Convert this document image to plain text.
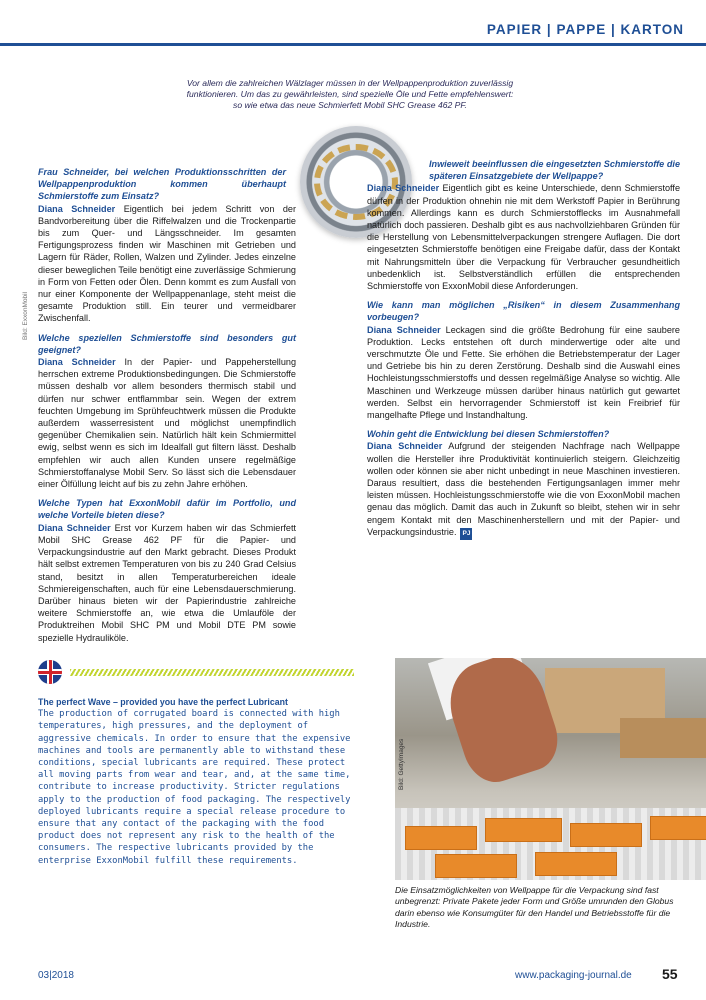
PAPIER | PAPPE | KARTON
Vor allem die zahlreichen Wälzlager müssen in der Wellpappenproduktion zuverlässig
funktionieren. Um das zu gewährleisten, sind spezielle Öle und Fette empfehlenswert:
so wie etwa das neue Schmierfett Mobil SHC Grease 462 PF.
Bild: ExxonMobil
Frau Schneider, bei welchen Produktionsschritten der Wellpappenproduktion kommen überhaupt Schmierstoffe zum Einsatz?
Diana Schneider Eigentlich bei jedem Schritt von der Bandvorbereitung über die Riffelwalzen und die Trockenpartie bis zum Quer- und Längsschneider. Im gesamten Fertigungsprozess finden wir Maschinen mit Getrieben und Lagern für Räder, Rollen, Walzen und Zylinder. Jedes einzelne dieser beweglichen Teile benötigt eine zuverlässige Schmierung in Form von Fetten oder Ölen. Denn kommt es zum Ausfall von nur einer Komponente der Wellpappenanlage, steht meist die gesamte Produktion still. Ein teurer und vermeidbarer Zwischenfall.
Welche speziellen Schmierstoffe sind besonders gut geeignet?
Diana Schneider In der Papier- und Pappeherstellung herrschen extreme Produktionsbedingungen. Die Schmierstoffe müssen deshalb vor allem besonders thermisch stabil und dürfen nur schwer entflammbar sein. Wegen der extrem feuchten Umgebung im Sprühfeuchtwerk müssen die Produkte außerdem wasserresistent und möglichst unempfindlich gegenüber Chemikalien sein. Natürlich hält kein Schmiermittel ewig, selbst wenn es sich im Idealfall gut filtern lässt. Deshalb empfehlen wir auch allen Kunden unsere regelmäßige Schmierstoffanalyse Mobil Serv. So lässt sich die Lebensdauer einer Ölfüllung leicht auf bis zu zehn Jahre erhöhen.
Welche Typen hat ExxonMobil dafür im Portfolio, und welche Vorteile bieten diese?
Diana Schneider Erst vor Kurzem haben wir das Schmierfett Mobil SHC Grease 462 PF für die Papier- und Verpackungsindustrie auf den Markt gebracht. Dieses Produkt hält selbst extremen Temperaturen von bis zu 240 Grad Celsius stand, besitzt in allen Temperaturbereichen ideale Schmiereigenschaften, auch für eine Lebensdauerschmierung. Darüber hinaus bieten wir der Papierindustrie zahlreiche weitere Schmierstoffe an, wie etwa die Umlauföle der Produktreihen Mobil SHC PM und Mobil DTE PM sowie spezielle Hydrauliköle.
Inwieweit beeinflussen die eingesetzten Schmierstoffe die späteren Einsatzgebiete der Wellpappe?
Diana Schneider Eigentlich gibt es keine Unterschiede, denn Schmierstoffe dürfen in der Produktion ohnehin nie mit dem Werkstoff Papier in Berührung kommen. Allerdings kann es durch Schmierstofflecks im Ausnahmefall natürlich doch passieren. Deshalb gibt es aus nachvollziehbaren Gründen für die Herstellung von Lebensmittelverpackungen strengere Auflagen. Die dort eingesetzten Schmierstoffe benötigen eine Freigabe dafür, dass der Kontakt mit Nahrungsmitteln über die Verpackung für Verbraucher gesundheitlich unbedenklich ist. Selbstverständlich erfüllen die entsprechenden Schmierstoffe von ExxonMobil diese Anforderungen.
Wie kann man möglichen „Risiken“ in diesem Zusammenhang vorbeugen?
Diana Schneider Leckagen sind die größte Bedrohung für eine saubere Produktion. Lecks entstehen oft durch minderwertige oder alte und verschmutzte Öle und Fette. Sie erhöhen die Betriebstemperatur der Lager und Getriebe bis hin zu deren Zerstörung. Deshalb sind die Auswahl eines Hochleistungsschmierstoffs und dessen regelmäßige Analyse so wichtig. Alle Maschinen und Werkzeuge müssen darüber hinaus natürlich gut gewartet werden. Selbst ein hervorragender Schmierstoff ist kein Freibrief für mangelhafte Pflege und Instandhaltung.
Wohin geht die Entwicklung bei diesen Schmierstoffen?
Diana Schneider Aufgrund der steigenden Nachfrage nach Wellpappe wollen die Hersteller ihre Produktivität kontinuierlich steigern. Gleichzeitig wollen oder können sie aber nicht unbedingt in neue Maschinen investieren. Daraus resultiert, dass die bestehenden Fertigungsanlagen immer mehr leisten müssen. Hochleistungsschmierstoffe wie die von ExxonMobil machen genau das möglich. Damit das auch in Zukunft so bleibt, stehen wir in sehr engem Kontakt mit den Maschinenherstellern und mit der Papier- und Verpackungsindustrie. PJ
The perfect Wave – provided you have the perfect Lubricant
The production of corrugated board is connected with high temperatures, high pressures, and the deployment of aggressive chemicals. In order to ensure that the expensive machines and tools are permanently able to withstand these conditions, special lubricants are required. These protect all moving parts from wear and tear, and, at the same time, contribute to increase productivity. Stricter regulations apply to the production of food packaging. The respectively deployed lubricants require a special release procedure to ensure that any contact of the packaging with the food product does not represent any risk to the health of the consumers. The respective lubricants provided by the enterprise ExxonMobil fulfill these requirements.
Bild: GettyImages
Die Einsatzmöglichkeiten von Wellpappe für die Verpackung sind fast unbegrenzt: Private Pakete jeder Form und Größe umrunden den Globus darin ebenso wie Konsumgüter für den Handel und Betriebsstoffe für die Industrie.
03|2018	www.packaging-journal.de 55
